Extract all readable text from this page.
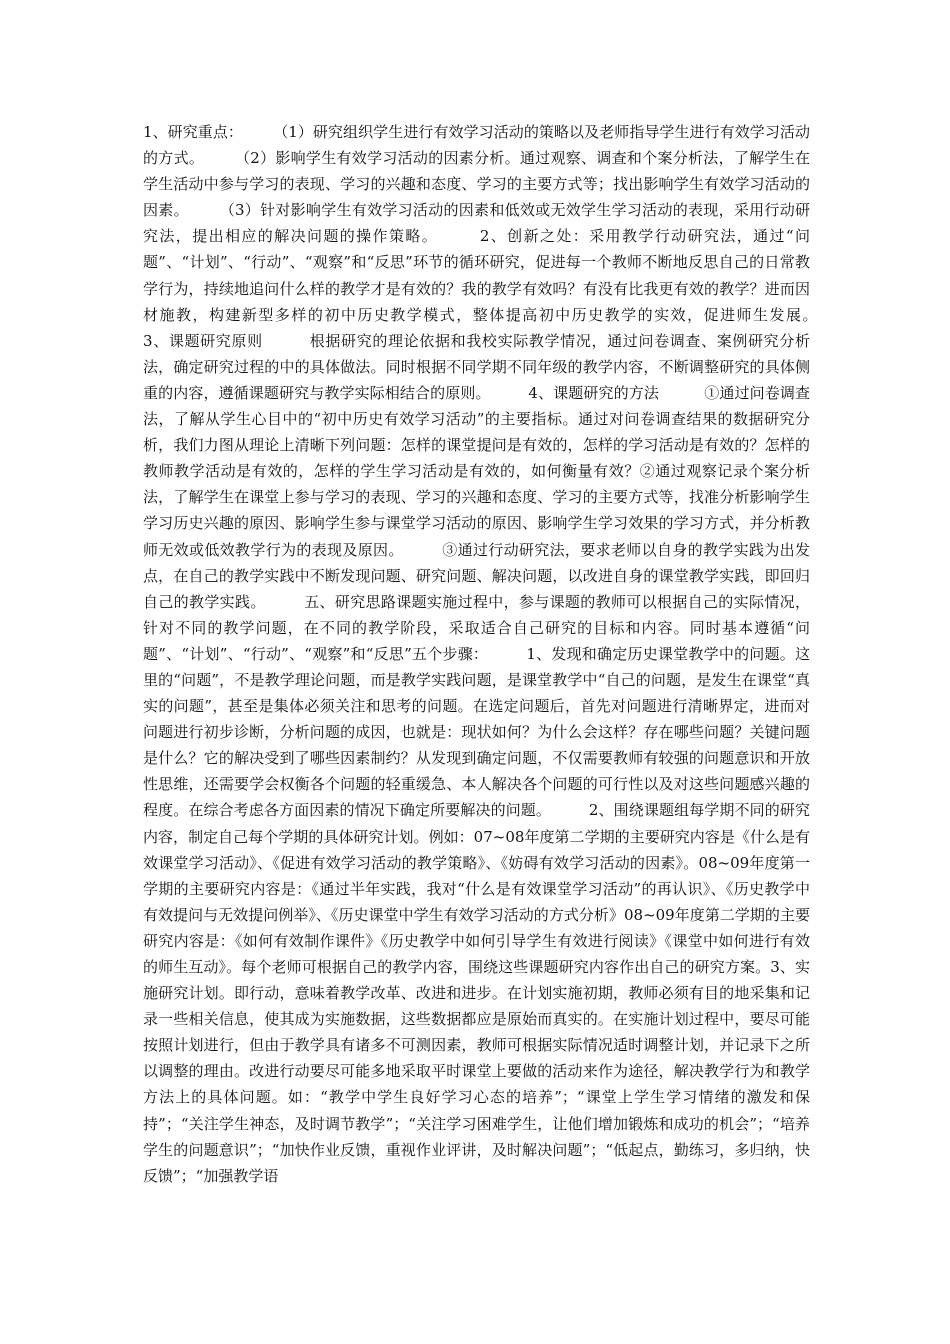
1、研究重点：　　　（1）研究组织学生进行有效学习活动的策略以及老师指导学生进行有效学习活动的方式。　　　（2）影响学生有效学习活动的因素分析。通过观察、调查和个案分析法，了解学生在学生活动中参与学习的表现、学习的兴趣和态度、学习的主要方式等；找出影响学生有效学习活动的因素。　　　（3）针对影响学生有效学习活动的因素和低效或无效学生学习活动的表现，采用行动研究法，提出相应的解决问题的操作策略。　　　2、创新之处：采用教学行动研究法，通过“问题”、“计划”、“行动”、“观察”和“反思”环节的循环研究，促进每一个教师不断地反思自己的日常教学行为，持续地追问什么样的教学才是有效的？我的教学有效吗？有没有比我更有效的教学？进而因材施教，构建新型多样的初中历史教学模式，整体提高初中历史教学的实效，促进师生发展。　　　3、课题研究原则　　　根据研究的理论依据和我校实际教学情况，通过问卷调查、案例研究分析法，确定研究过程的中的具体做法。同时根据不同学期不同年级的教学内容，不断调整研究的具体侧重的内容，遵循课题研究与教学实际相结合的原则。　　　4、课题研究的方法　　　①通过问卷调查法，了解从学生心目中的“初中历史有效学习活动”的主要指标。通过对问卷调查结果的数据研究分析，我们力图从理论上清晰下列问题：怎样的课堂提问是有效的，怎样的学习活动是有效的？怎样的教师教学活动是有效的，怎样的学生学习活动是有效的，如何衡量有效？②通过观察记录个案分析法，了解学生在课堂上参与学习的表现、学习的兴趣和态度、学习的主要方式等，找准分析影响学生学习历史兴趣的原因、影响学生参与课堂学习活动的原因、影响学生学习效果的学习方式，并分析教师无效或低效教学行为的表现及原因。　　　③通过行动研究法，要求老师以自身的教学实践为出发点，在自己的教学实践中不断发现问题、研究问题、解决问题，以改进自身的课堂教学实践，即回归自己的教学实践。　　　五、研究思路课题实施过程中，参与课题的教师可以根据自己的实际情况，针对不同的教学问题，在不同的教学阶段，采取适合自己研究的目标和内容。同时基本遵循“问题”、“计划”、“行动”、“观察”和“反思”五个步骤：　　　1、发现和确定历史课堂教学中的问题。这里的“问题”，不是教学理论问题，而是教学实践问题，是课堂教学中“自己的问题，是发生在课堂“真实的问题”，甚至是集体必须关注和思考的问题。在选定问题后，首先对问题进行清晰界定，进而对问题进行初步诊断，分析问题的成因，也就是：现状如何？为什么会这样？存在哪些问题？关键问题是什么？它的解决受到了哪些因素制约？从发现到确定问题，不仅需要教师有较强的问题意识和开放性思维，还需要学会权衡各个问题的轻重缓急、本人解决各个问题的可行性以及对这些问题感兴趣的程度。在综合考虑各方面因素的情况下确定所要解决的问题。　　　2、围绕课题组每学期不同的研究内容，制定自己每个学期的具体研究计划。例如：07~08年度第二学期的主要研究内容是《什么是有效课堂学习活动》、《促进有效学习活动的教学策略》、《妨碍有效学习活动的因素》。08~09年度第一学期的主要研究内容是：《通过半年实践，我对“什么是有效课堂学习活动”的再认识》、《历史教学中有效提问与无效提问例举》、《历史课堂中学生有效学习活动的方式分析》08~09年度第二学期的主要研究内容是：《如何有效制作课件》《历史教学中如何引导学生有效进行阅读》《课堂中如何进行有效的师生互动》。每个老师可根据自己的教学内容，围绕这些课题研究内容作出自己的研究方案。3、实施研究计划。即行动，意味着教学改革、改进和进步。在计划实施初期，教师必须有目的地采集和记录一些相关信息，使其成为实施数据，这些数据都应是原始而真实的。在实施计划过程中，要尽可能按照计划进行，但由于教学具有诸多不可测因素，教师可根据实际情况适时调整计划，并记录下之所以调整的理由。改进行动要尽可能多地采取平时课堂上要做的活动来作为途径，解决教学行为和教学方法上的具体问题。如：“教学中学生良好学习心态的培养”；“课堂上学生学习情绪的激发和保持”；“关注学生神态，及时调节教学”；“关注学习困难学生，让他们增加锻炼和成功的机会”；“培养学生的问题意识”；“加快作业反馈，重视作业评讲，及时解决问题”；“低起点，勤练习，多归纳，快反馈”；“加强教学语
